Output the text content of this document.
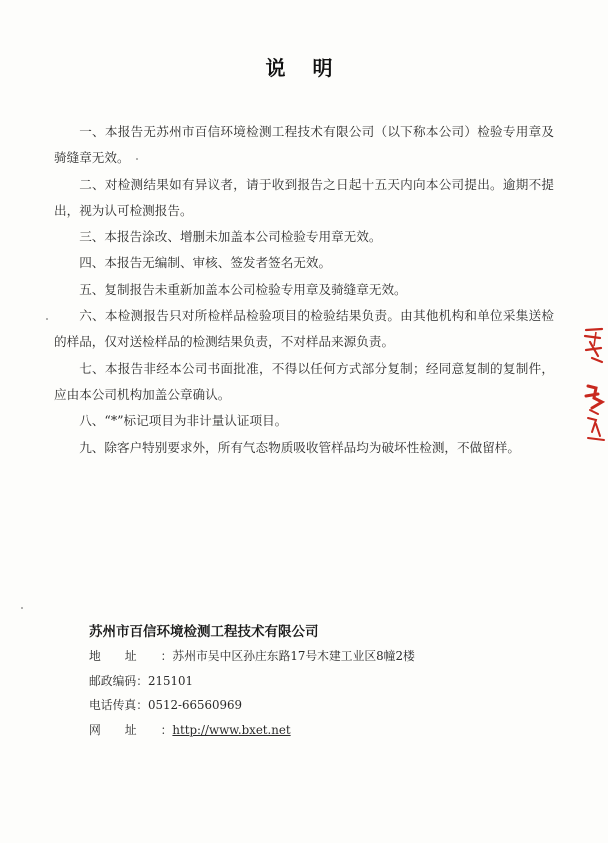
说 明

一、本报告无苏州市百信环境检测工程技术有限公司（以下称本公司）检验专用章及骑缝章无效。

二、对检测结果如有异议者，请于收到报告之日起十五天内向本公司提出。逾期不提出，视为认可检测报告。

三、本报告涂改、增删未加盖本公司检验专用章无效。

四、本报告无编制、审核、签发者签名无效。

五、复制报告未重新加盖本公司检验专用章及骑缝章无效。

六、本检测报告只对所检样品检验项目的检验结果负责。由其他机构和单位采集送检的样品，仅对送检样品的检测结果负责，不对样品来源负责。

七、本报告非经本公司书面批准，不得以任何方式部分复制；经同意复制的复制件，应由本公司机构加盖公章确认。

八、“*”标记项目为非计量认证项目。

九、除客户特别要求外，所有气态物质吸收管样品均为破坏性检测，不做留样。

苏州市百信环境检测工程技术有限公司
地址：苏州市吴中区孙庄东路17号木建工业区8幢2楼
邮政编码：215101
电话传真：0512-66560969
网址：http://www.bxet.net
